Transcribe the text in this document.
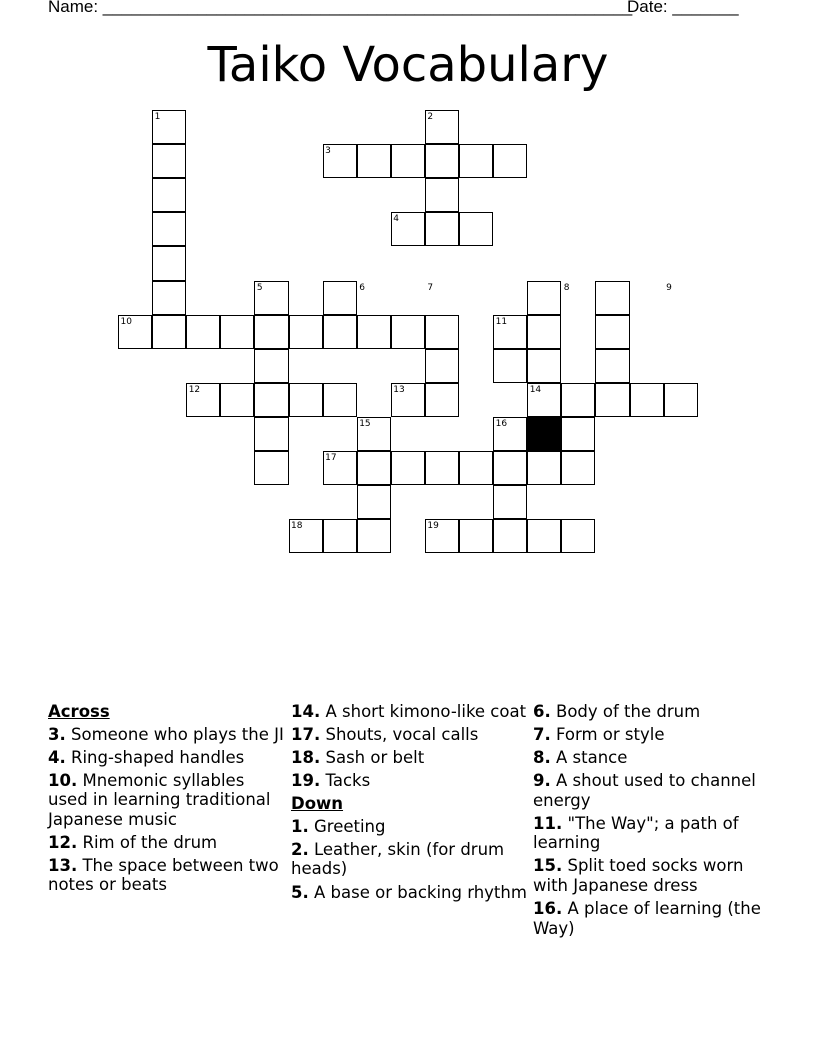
Name: ________________________________________________________
Date: _______
Taiko Vocabulary
1	2
3
4
5	6	7	8	9
10	11
12	13	14
15	16
17
18	19
Across
3. Someone who plays the JI
4. Ring-shaped handles
10. Mnemonic syllables used in learning traditional Japanese music
12. Rim of the drum
13. The space between two notes or beats
14. A short kimono-like coat
17. Shouts, vocal calls
18. Sash or belt
19. Tacks
Down
1. Greeting
2. Leather, skin (for drum heads)
5. A base or backing rhythm
6. Body of the drum
7. Form or style
8. A stance
9. A shout used to channel energy
11. "The Way"; a path of learning
15. Split toed socks worn with Japanese dress
16. A place of learning (the Way)
